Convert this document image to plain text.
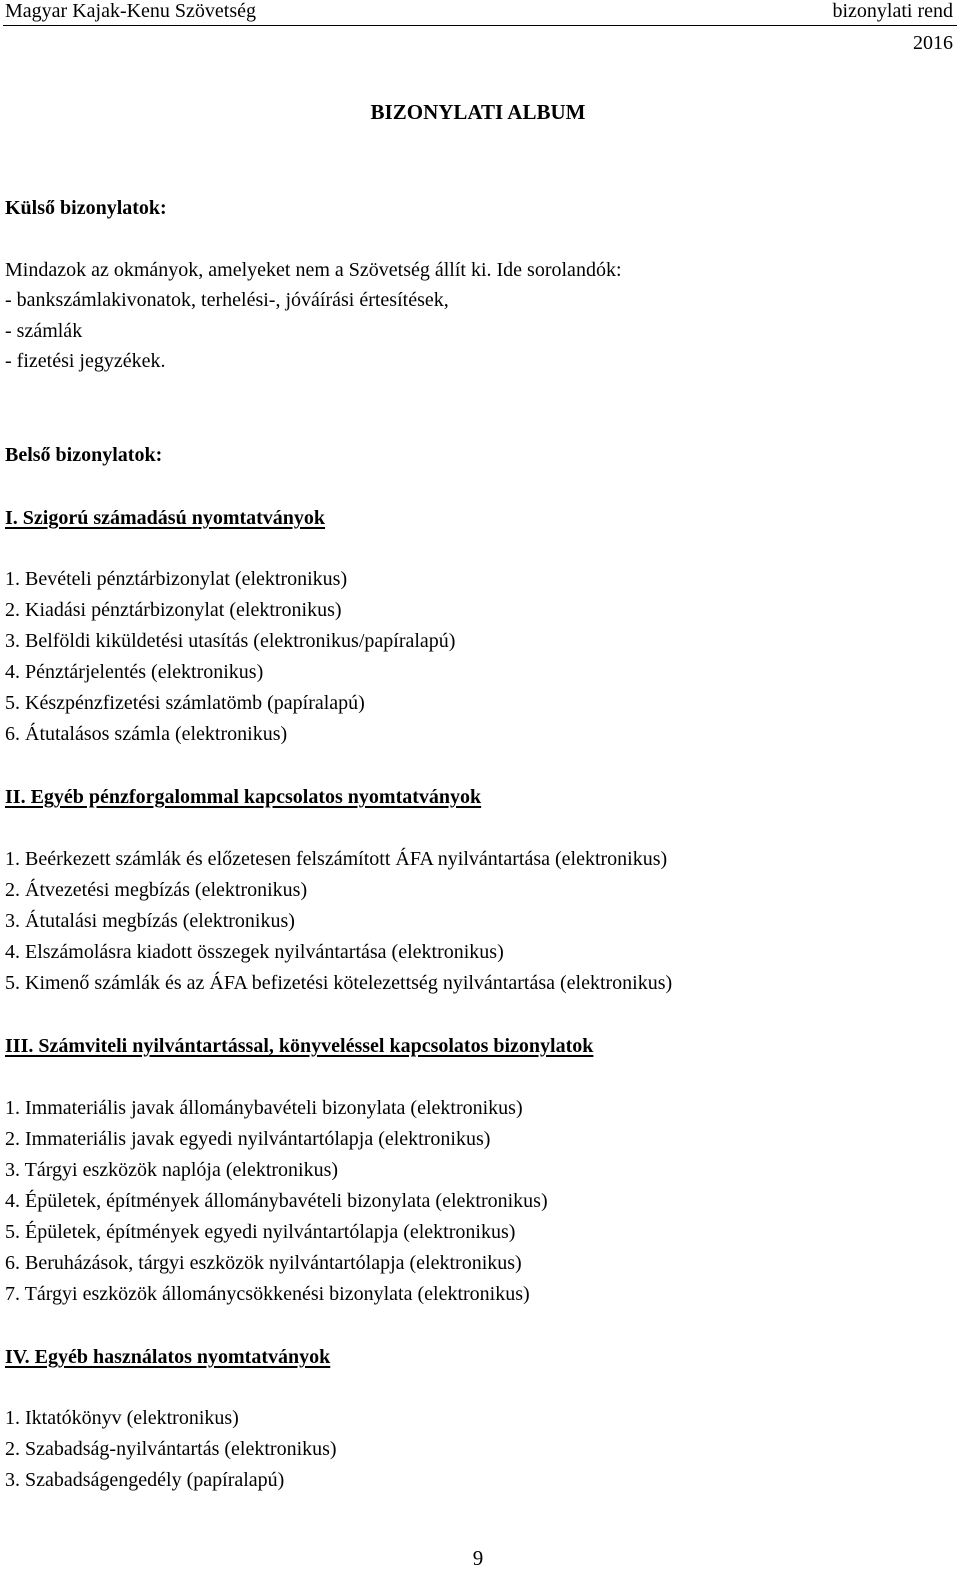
Magyar Kajak-Kenu Szövetség	bizonylati rend
2016
BIZONYLATI ALBUM
Külső bizonylatok:
Mindazok az okmányok, amelyeket nem a Szövetség állít ki. Ide sorolandók:
- bankszámlakivonatok, terhelési-, jóváírási értesítések,
- számlák
- fizetési jegyzékek.
Belső bizonylatok:
I. Szigorú számadású nyomtatványok
1. Bevételi pénztárbizonylat (elektronikus)
2. Kiadási pénztárbizonylat (elektronikus)
3. Belföldi kiküldetési utasítás (elektronikus/papíralapú)
4. Pénztárjelentés (elektronikus)
5. Készpénzfizetési számlatömb (papíralapú)
6. Átutalásos számla (elektronikus)
II. Egyéb pénzforgalommal kapcsolatos nyomtatványok
1. Beérkezett számlák és előzetesen felszámított ÁFA nyilvántartása (elektronikus)
2. Átvezetési megbízás (elektronikus)
3. Átutalási megbízás (elektronikus)
4. Elszámolásra kiadott összegek nyilvántartása (elektronikus)
5. Kimenő számlák és az ÁFA befizetési kötelezettség nyilvántartása (elektronikus)
III. Számviteli nyilvántartással, könyveléssel kapcsolatos bizonylatok
1. Immateriális javak állománybavételi bizonylata (elektronikus)
2. Immateriális javak egyedi nyilvántartólapja (elektronikus)
3. Tárgyi eszközök naplója (elektronikus)
4. Épületek, építmények állománybavételi bizonylata (elektronikus)
5. Épületek, építmények egyedi nyilvántartólapja (elektronikus)
6. Beruházások, tárgyi eszközök nyilvántartólapja (elektronikus)
7. Tárgyi eszközök állománycsökkenési bizonylata (elektronikus)
IV. Egyéb használatos nyomtatványok
1. Iktatókönyv (elektronikus)
2. Szabadság-nyilvántartás (elektronikus)
3. Szabadságengedély (papíralapú)
9
